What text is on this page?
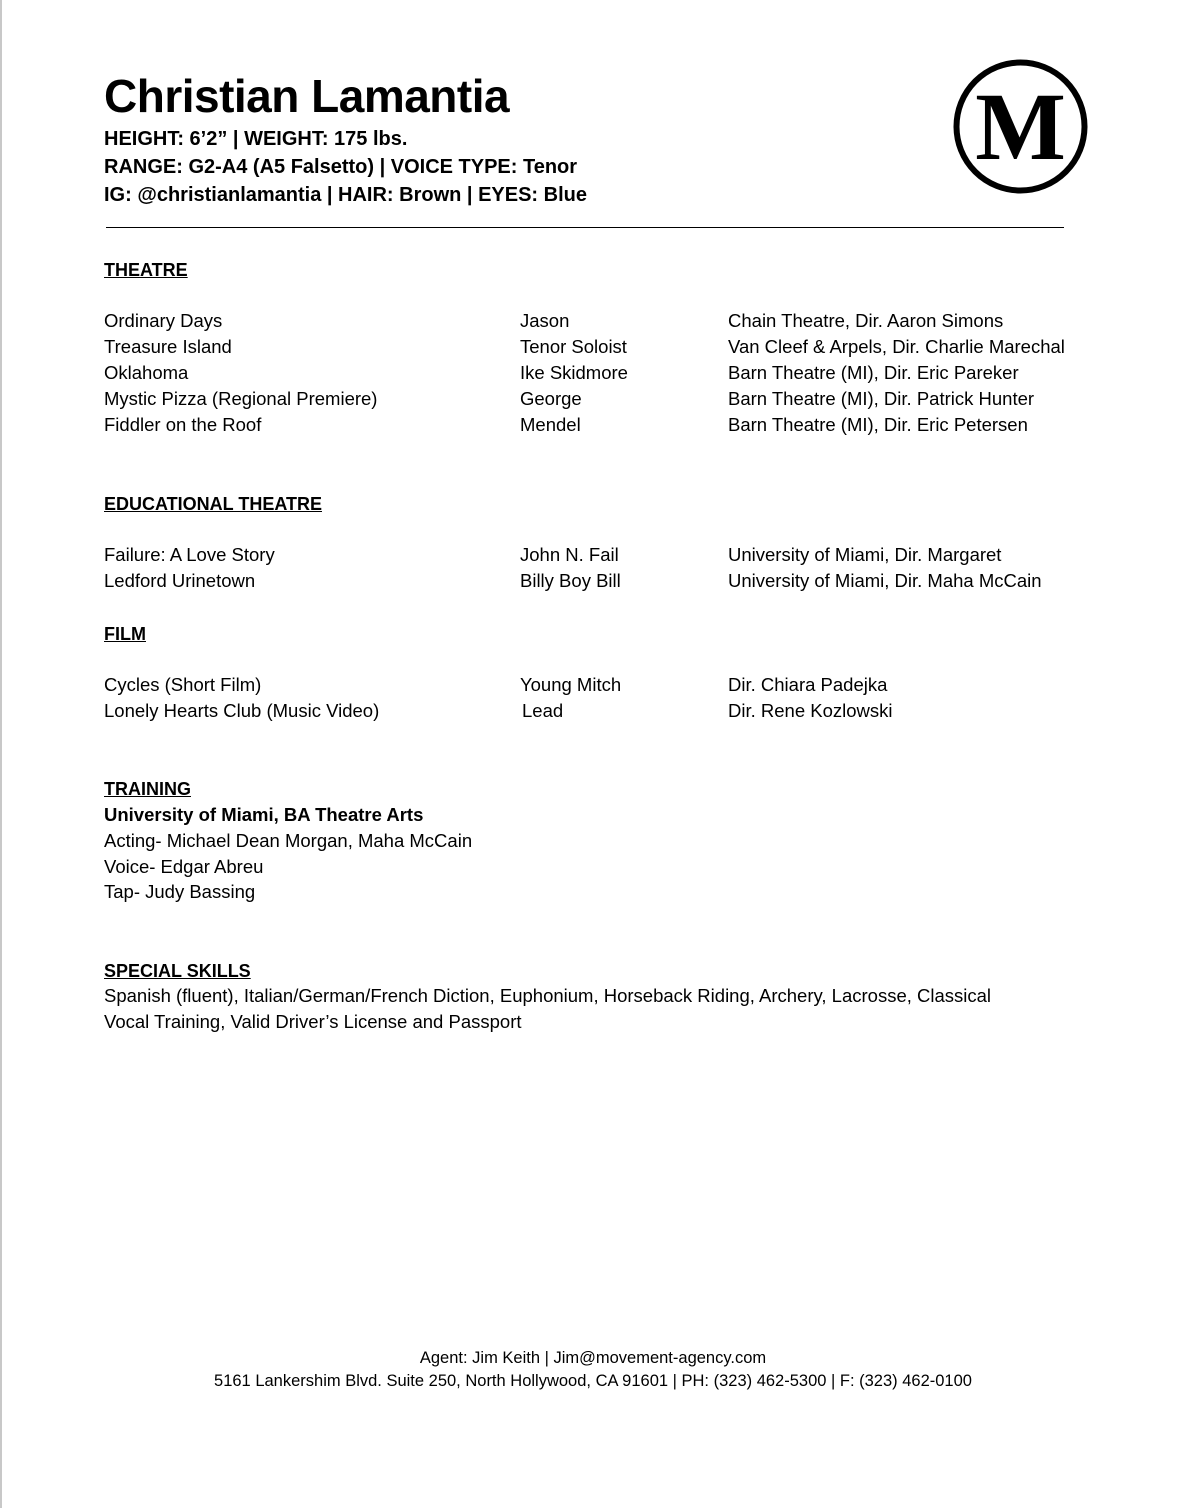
Christian Lamantia
HEIGHT: 6’2” | WEIGHT: 175 lbs.
RANGE: G2-A4 (A5 Falsetto) | VOICE TYPE: Tenor
IG: @christianlamantia | HAIR: Brown | EYES: Blue
M
THEATRE
Ordinary Days	Jason	Chain Theatre, Dir. Aaron Simons
Treasure Island	Tenor Soloist	Van Cleef & Arpels, Dir. Charlie Marechal
Oklahoma	Ike Skidmore	Barn Theatre (MI), Dir. Eric Pareker
Mystic Pizza (Regional Premiere)	George	Barn Theatre (MI), Dir. Patrick Hunter
Fiddler on the Roof	Mendel	Barn Theatre (MI), Dir. Eric Petersen
EDUCATIONAL THEATRE
Failure: A Love Story	John N. Fail	University of Miami, Dir. Margaret
Ledford Urinetown	Billy Boy Bill	University of Miami, Dir. Maha McCain
FILM
Cycles (Short Film)	Young Mitch	Dir. Chiara Padejka
Lonely Hearts Club (Music Video)	Lead	Dir. Rene Kozlowski
TRAINING
University of Miami, BA Theatre Arts
Acting- Michael Dean Morgan, Maha McCain
Voice- Edgar Abreu
Tap- Judy Bassing
SPECIAL SKILLS
Spanish (fluent), Italian/German/French Diction, Euphonium, Horseback Riding, Archery, Lacrosse, Classical
Vocal Training, Valid Driver’s License and Passport
Agent: Jim Keith | Jim@movement-agency.com
5161 Lankershim Blvd. Suite 250, North Hollywood, CA 91601 | PH: (323) 462-5300 | F: (323) 462-0100
